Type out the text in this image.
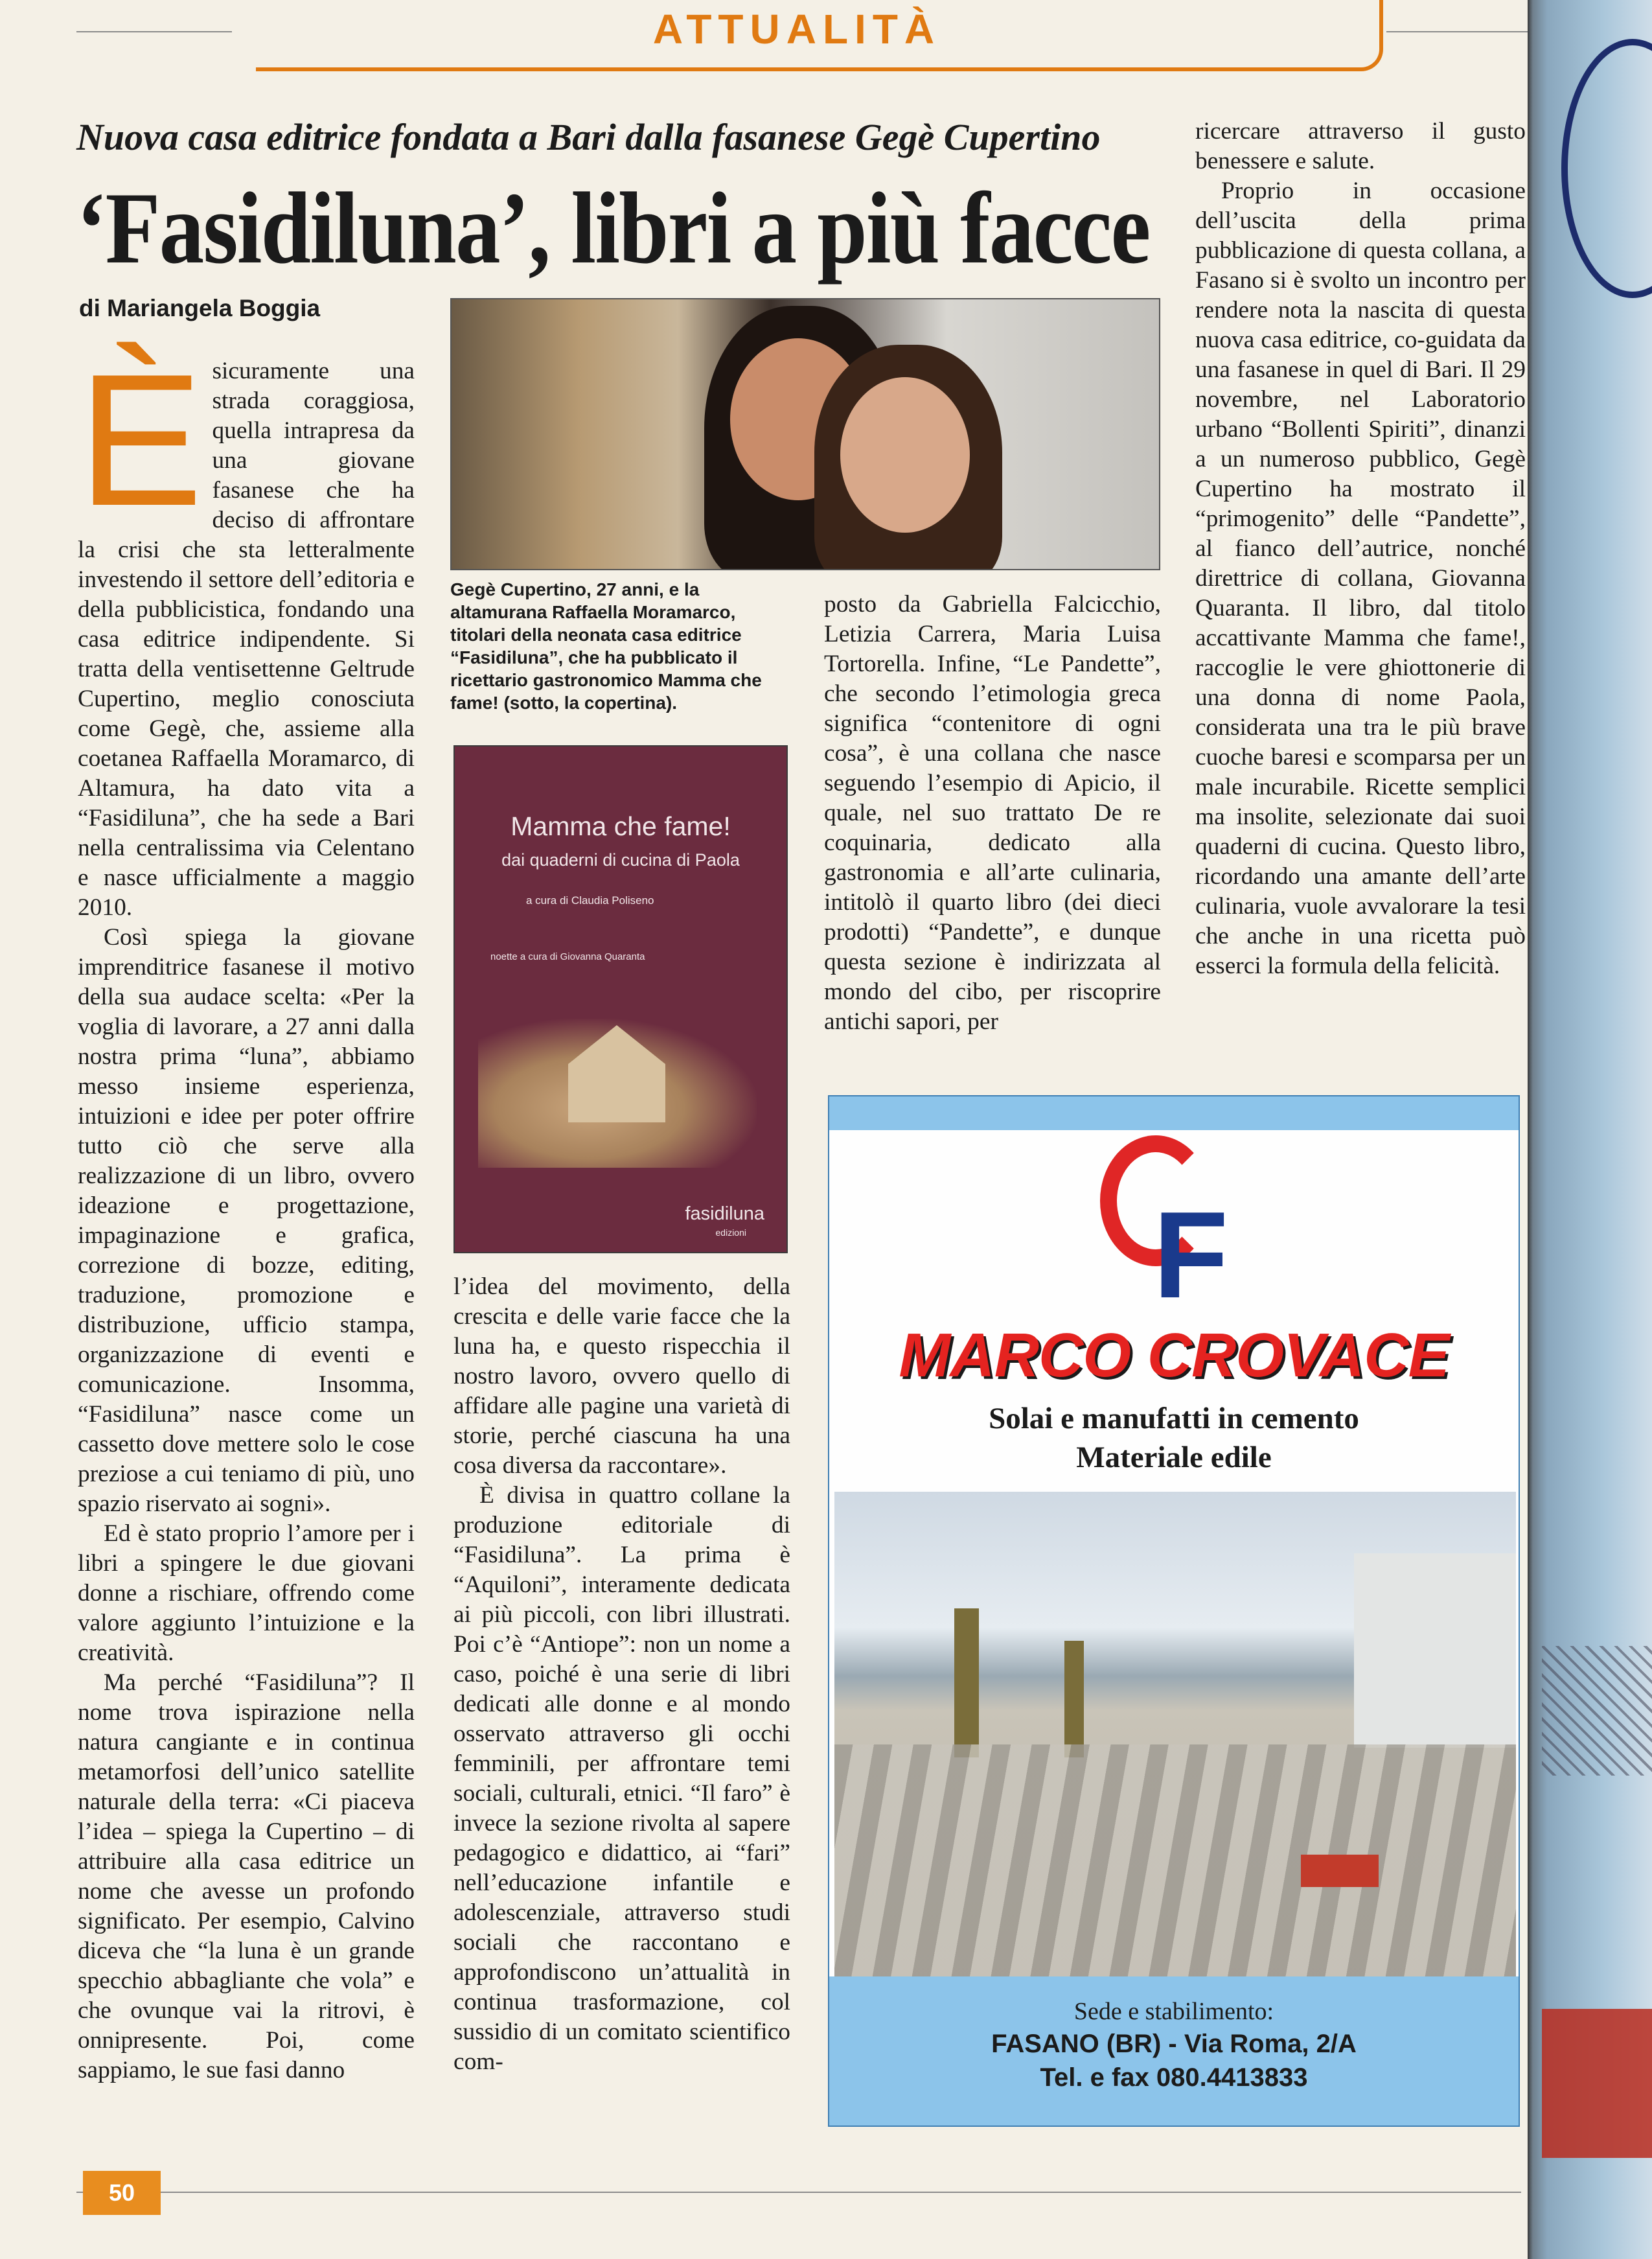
ATTUALITÀ
Nuova casa editrice fondata a Bari dalla fasanese Gegè Cupertino
‘Fasidiluna’, libri a più facce
di Mariangela Boggia

Èsicuramente una strada coraggiosa, quella intrapresa da una giovane fasanese che ha deciso di affrontare la crisi che sta letteralmente investendo il settore dell’editoria e della pubblicistica, fondando una casa editrice indipendente. Si tratta della ventisettenne Geltrude Cupertino, meglio conosciuta come Gegè, che, assieme alla coetanea Raffaella Moramarco, di Altamura, ha dato vita a “Fasidiluna”, che ha sede a Bari nella centralissima via Celentano e nasce ufficialmente a maggio 2010.

Così spiega la giovane imprenditrice fasanese il motivo della sua audace scelta: «Per la voglia di lavorare, a 27 anni dalla nostra prima “luna”, abbiamo messo insieme esperienza, intuizioni e idee per poter offrire tutto ciò che serve alla realizzazione di un libro, ovvero ideazione e progettazione, impaginazione e grafica, correzione di bozze, editing, traduzione, promozione e distribuzione, ufficio stampa, organizzazione di eventi e comunicazione. Insomma, “Fasidiluna” nasce come un cassetto dove mettere solo le cose preziose a cui teniamo di più, uno spazio riservato ai sogni».

Ed è stato proprio l’amore per i libri a spingere le due giovani donne a rischiare, offrendo come valore aggiunto l’intuizione e la creatività.

Ma perché “Fasidiluna”? Il nome trova ispirazione nella natura cangiante e in continua metamorfosi dell’unico satellite naturale della terra: «Ci piaceva l’idea – spiega la Cupertino – di attribuire alla casa editrice un nome che avesse un profondo significato. Per esempio, Calvino diceva che “la luna è un grande specchio abbagliante che vola” e che ovunque vai la ritrovi, è onnipresente. Poi, come sappiamo, le sue fasi danno

Gegè Cupertino, 27 anni, e la altamurana Raffaella Moramarco, titolari della neonata casa editrice “Fasidiluna”, che ha pubblicato il ricettario gastronomico Mamma che fame! (sotto, la copertina).
Mamma che fame!
dai quaderni di cucina di Paola
a cura di Claudia Poliseno
noette a cura di Giovanna Quaranta
fasidiluna
edizioni

l’idea del movimento, della crescita e delle varie facce che la luna ha, e questo rispecchia il nostro lavoro, ovvero quello di affidare alle pagine una varietà di storie, perché ciascuna ha una cosa diversa da raccontare».

È divisa in quattro collane la produzione editoriale di “Fasidiluna”. La prima è “Aquiloni”, interamente dedicata ai più piccoli, con libri illustrati. Poi c’è “Antiope”: non un nome a caso, poiché è una serie di libri dedicati alle donne e al mondo osservato attraverso gli occhi femminili, per affrontare temi sociali, culturali, etnici. “Il faro” è invece la sezione rivolta al sapere pedagogico e didattico, ai “fari” nell’educazione infantile e adolescenziale, attraverso studi sociali che raccontano e approfondiscono un’attualità in continua trasformazione, col sussidio di un comitato scientifico com-

posto da Gabriella Falcicchio, Letizia Carrera, Maria Luisa Tortorella. Infine, “Le Pandette”, che secondo l’etimologia greca significa “contenitore di ogni cosa”, è una collana che nasce seguendo l’esempio di Apicio, il quale, nel suo trattato De re coquinaria, dedicato alla gastronomia e all’arte culinaria, intitolò il quarto libro (dei dieci prodotti) “Pandette”, e dunque questa sezione è indirizzata al mondo del cibo, per riscoprire antichi sapori, per

ricercare attraverso il gusto benessere e salute.

Proprio in occasione dell’uscita della prima pubblicazione di questa collana, a Fasano si è svolto un incontro per rendere nota la nascita di questa nuova casa editrice, co-guidata da una fasanese in quel di Bari. Il 29 novembre, nel Laboratorio urbano “Bollenti Spiriti”, dinanzi a un numeroso pubblico, Gegè Cupertino ha mostrato il “primogenito” delle “Pandette”, al fianco dell’autrice, nonché direttrice di collana, Giovanna Quaranta. Il libro, dal titolo accattivante Mamma che fame!, raccoglie le vere ghiottonerie di una donna di nome Paola, considerata una tra le più brave cuoche baresi e scomparsa per un male incurabile. Ricette semplici ma insolite, selezionate dai suoi quaderni di cucina. Questo libro, ricordando una amante dell’arte culinaria, vuole avvalorare la tesi che anche in una ricetta può esserci la formula della felicità.

F
MARCO CROVACE
Solai e manufatti in cemento
Materiale edile
Sede e stabilimento:
FASANO (BR) - Via Roma, 2/A
Tel. e fax 080.4413833
50
